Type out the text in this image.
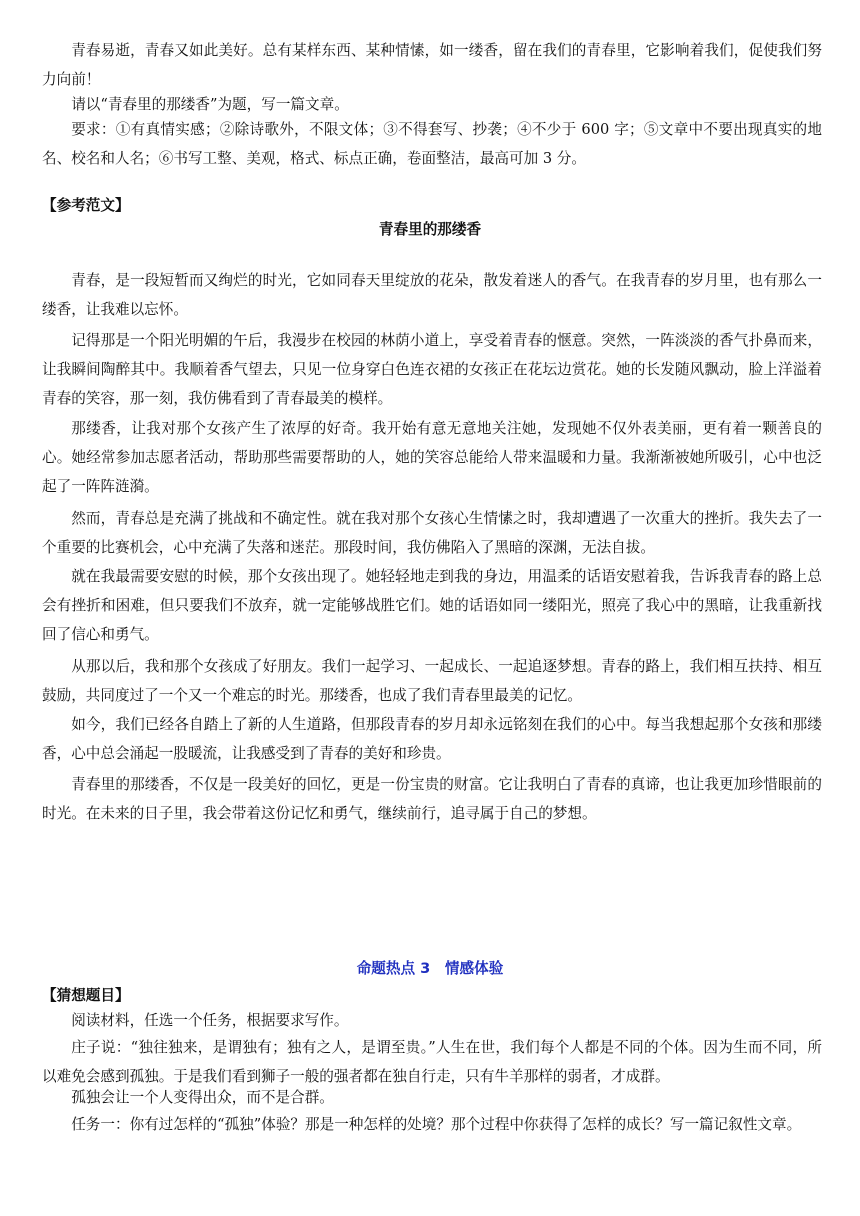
青春易逝，青春又如此美好。总有某样东西、某种情愫，如一缕香，留在我们的青春里，它影响着我们，促使我们努力向前！

请以“青春里的那缕香”为题，写一篇文章。

要求：①有真情实感；②除诗歌外，不限文体；③不得套写、抄袭；④不少于 600 字；⑤文章中不要出现真实的地名、校名和人名；⑥书写工整、美观，格式、标点正确，卷面整洁，最高可加 3 分。

【参考范文】

青春里的那缕香

青春，是一段短暂而又绚烂的时光，它如同春天里绽放的花朵，散发着迷人的香气。在我青春的岁月里，也有那么一缕香，让我难以忘怀。

记得那是一个阳光明媚的午后，我漫步在校园的林荫小道上，享受着青春的惬意。突然，一阵淡淡的香气扑鼻而来，让我瞬间陶醉其中。我顺着香气望去，只见一位身穿白色连衣裙的女孩正在花坛边赏花。她的长发随风飘动，脸上洋溢着青春的笑容，那一刻，我仿佛看到了青春最美的模样。

那缕香，让我对那个女孩产生了浓厚的好奇。我开始有意无意地关注她，发现她不仅外表美丽，更有着一颗善良的心。她经常参加志愿者活动，帮助那些需要帮助的人，她的笑容总能给人带来温暖和力量。我渐渐被她所吸引，心中也泛起了一阵阵涟漪。

然而，青春总是充满了挑战和不确定性。就在我对那个女孩心生情愫之时，我却遭遇了一次重大的挫折。我失去了一个重要的比赛机会，心中充满了失落和迷茫。那段时间，我仿佛陷入了黑暗的深渊，无法自拔。

就在我最需要安慰的时候，那个女孩出现了。她轻轻地走到我的身边，用温柔的话语安慰着我，告诉我青春的路上总会有挫折和困难，但只要我们不放弃，就一定能够战胜它们。她的话语如同一缕阳光，照亮了我心中的黑暗，让我重新找回了信心和勇气。

从那以后，我和那个女孩成了好朋友。我们一起学习、一起成长、一起追逐梦想。青春的路上，我们相互扶持、相互鼓励，共同度过了一个又一个难忘的时光。那缕香，也成了我们青春里最美的记忆。

如今，我们已经各自踏上了新的人生道路，但那段青春的岁月却永远铭刻在我们的心中。每当我想起那个女孩和那缕香，心中总会涌起一股暖流，让我感受到了青春的美好和珍贵。

青春里的那缕香，不仅是一段美好的回忆，更是一份宝贵的财富。它让我明白了青春的真谛，也让我更加珍惜眼前的时光。在未来的日子里，我会带着这份记忆和勇气，继续前行，追寻属于自己的梦想。

命题热点 3　情感体验

【猜想题目】

阅读材料，任选一个任务，根据要求写作。

庄子说：“独往独来，是谓独有；独有之人，是谓至贵。”人生在世，我们每个人都是不同的个体。因为生而不同，所以难免会感到孤独。于是我们看到狮子一般的强者都在独自行走，只有牛羊那样的弱者，才成群。

孤独会让一个人变得出众，而不是合群。

任务一：你有过怎样的“孤独”体验？那是一种怎样的处境？那个过程中你获得了怎样的成长？写一篇记叙性文章。
